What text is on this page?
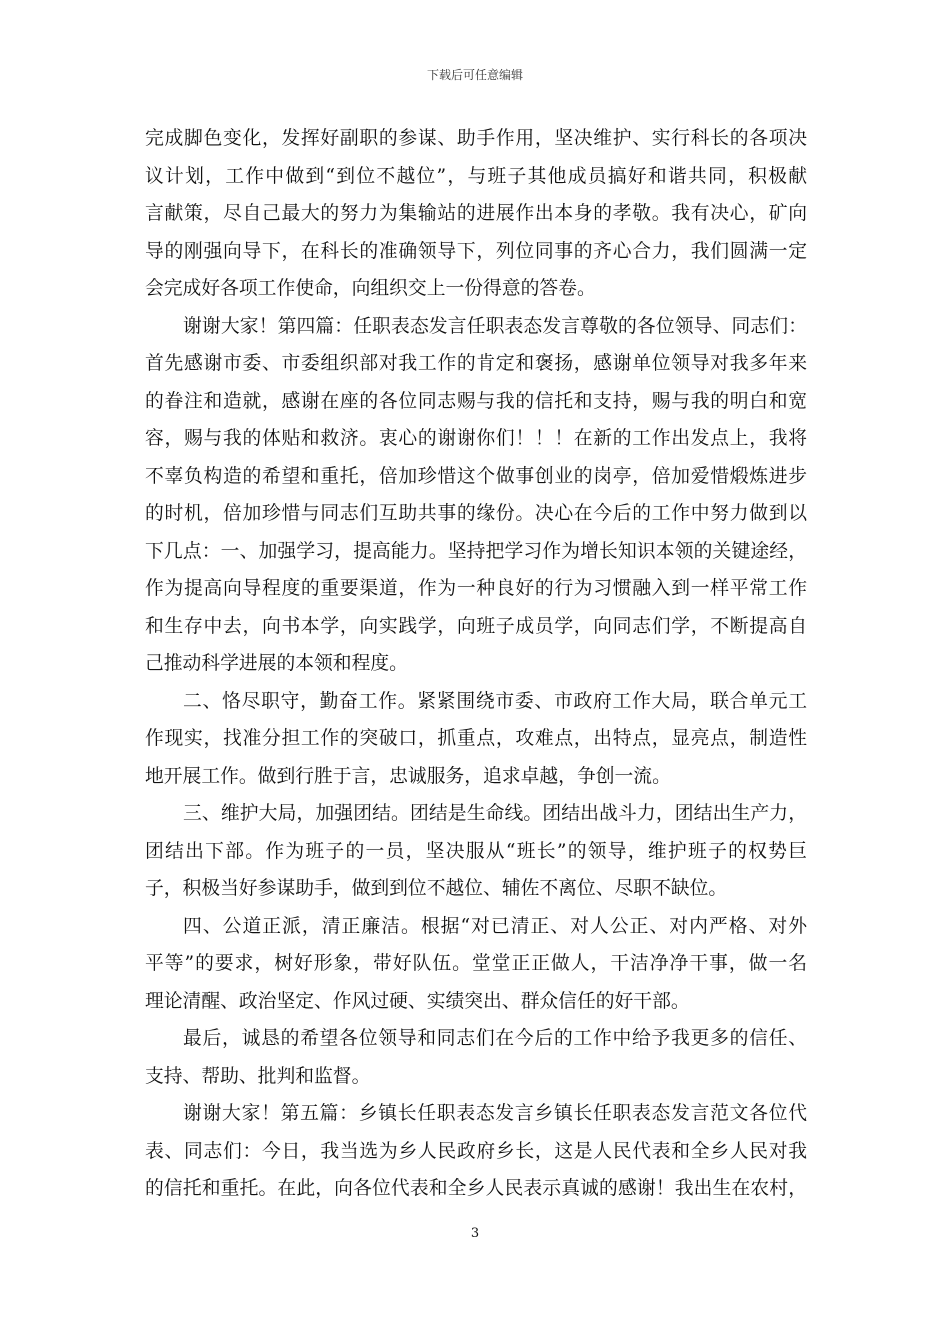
下载后可任意编辑
完成脚色变化，发挥好副职的参谋、助手作用，坚决维护、实行科长的各项决
议计划，工作中做到“到位不越位”，与班子其他成员搞好和谐共同，积极献
言献策，尽自己最大的努力为集输站的进展作出本身的孝敬。我有决心，矿向
导的刚强向导下，在科长的准确领导下，列位同事的齐心合力，我们圆满一定
会完成好各项工作使命，向组织交上一份得意的答卷。
谢谢大家！第四篇：任职表态发言任职表态发言尊敬的各位领导、同志们：
首先感谢市委、市委组织部对我工作的肯定和褒扬，感谢单位领导对我多年来
的眷注和造就，感谢在座的各位同志赐与我的信托和支持，赐与我的明白和宽
容，赐与我的体贴和救济。衷心的谢谢你们！！！在新的工作出发点上，我将
不辜负构造的希望和重托，倍加珍惜这个做事创业的岗亭，倍加爱惜煅炼进步
的时机，倍加珍惜与同志们互助共事的缘份。决心在今后的工作中努力做到以
下几点：一、加强学习，提高能力。坚持把学习作为增长知识本领的关键途经，
作为提高向导程度的重要渠道，作为一种良好的行为习惯融入到一样平常工作
和生存中去，向书本学，向实践学，向班子成员学，向同志们学，不断提高自
己推动科学进展的本领和程度。
二、恪尽职守，勤奋工作。紧紧围绕市委、市政府工作大局，联合单元工
作现实，找准分担工作的突破口，抓重点，攻难点，出特点，显亮点，制造性
地开展工作。做到行胜于言，忠诚服务，追求卓越，争创一流。
三、维护大局，加强团结。团结是生命线。团结出战斗力，团结出生产力，
团结出下部。作为班子的一员，坚决服从“班长”的领导，维护班子的权势巨
子，积极当好参谋助手，做到到位不越位、辅佐不离位、尽职不缺位。
四、公道正派，清正廉洁。根据“对已清正、对人公正、对内严格、对外
平等”的要求，树好形象，带好队伍。堂堂正正做人，干洁净净干事，做一名
理论清醒、政治坚定、作风过硬、实绩突出、群众信任的好干部。
最后，诚恳的希望各位领导和同志们在今后的工作中给予我更多的信任、
支持、帮助、批判和监督。
谢谢大家！第五篇：乡镇长任职表态发言乡镇长任职表态发言范文各位代
表、同志们：今日，我当选为乡人民政府乡长，这是人民代表和全乡人民对我
的信托和重托。在此，向各位代表和全乡人民表示真诚的感谢！我出生在农村，
3
